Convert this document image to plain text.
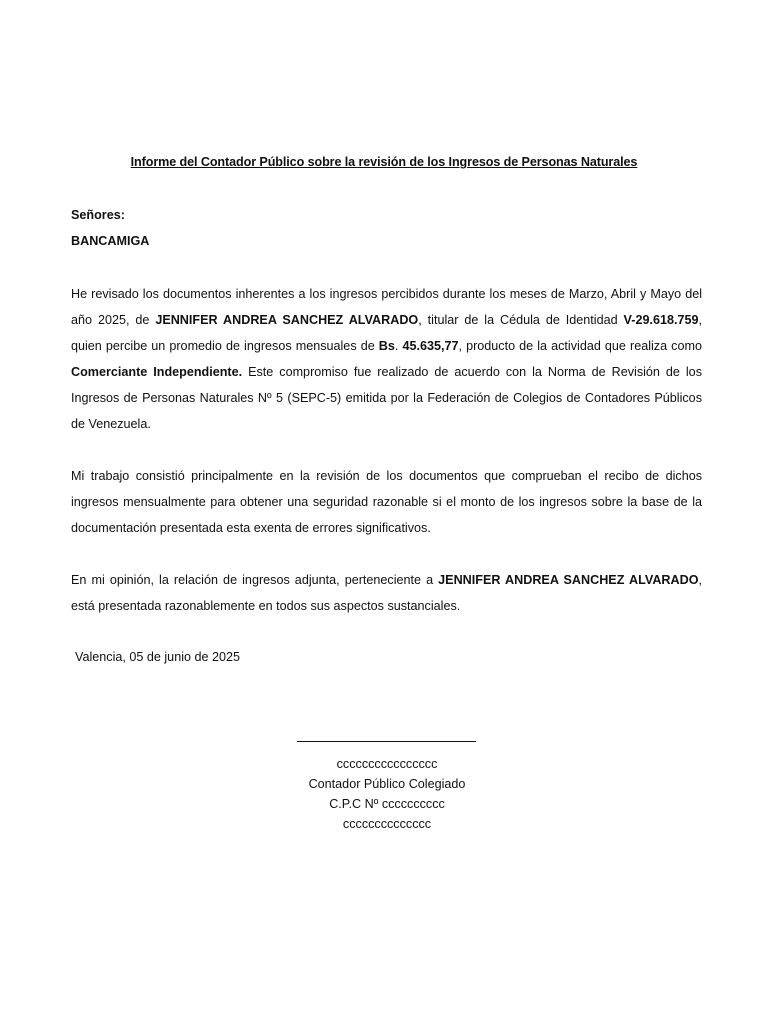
Informe del Contador Público sobre la revisión de los Ingresos de Personas Naturales
Señores:
BANCAMIGA

He revisado los documentos inherentes a los ingresos percibidos durante los meses de Marzo, Abril y Mayo del año 2025, de JENNIFER ANDREA SANCHEZ ALVARADO, titular de la Cédula de Identidad V-29.618.759, quien percibe un promedio de ingresos mensuales de Bs. 45.635,77, producto de la actividad que realiza como Comerciante Independiente. Este compromiso fue realizado de acuerdo con la Norma de Revisión de los Ingresos de Personas Naturales Nº 5 (SEPC-5) emitida por la Federación de Colegios de Contadores Públicos de Venezuela.

Mi trabajo consistió principalmente en la revisión de los documentos que comprueban el recibo de dichos ingresos mensualmente para obtener una seguridad razonable si el monto de los ingresos sobre la base de la documentación presentada esta exenta de errores significativos.

En mi opinión, la relación de ingresos adjunta, perteneciente a JENNIFER ANDREA SANCHEZ ALVARADO, está presentada razonablemente en todos sus aspectos sustanciales.

Valencia, 05 de junio de 2025
cccccccccccccccc
Contador Público Colegiado
C.P.C Nº cccccccccc
cccccccccccccc
